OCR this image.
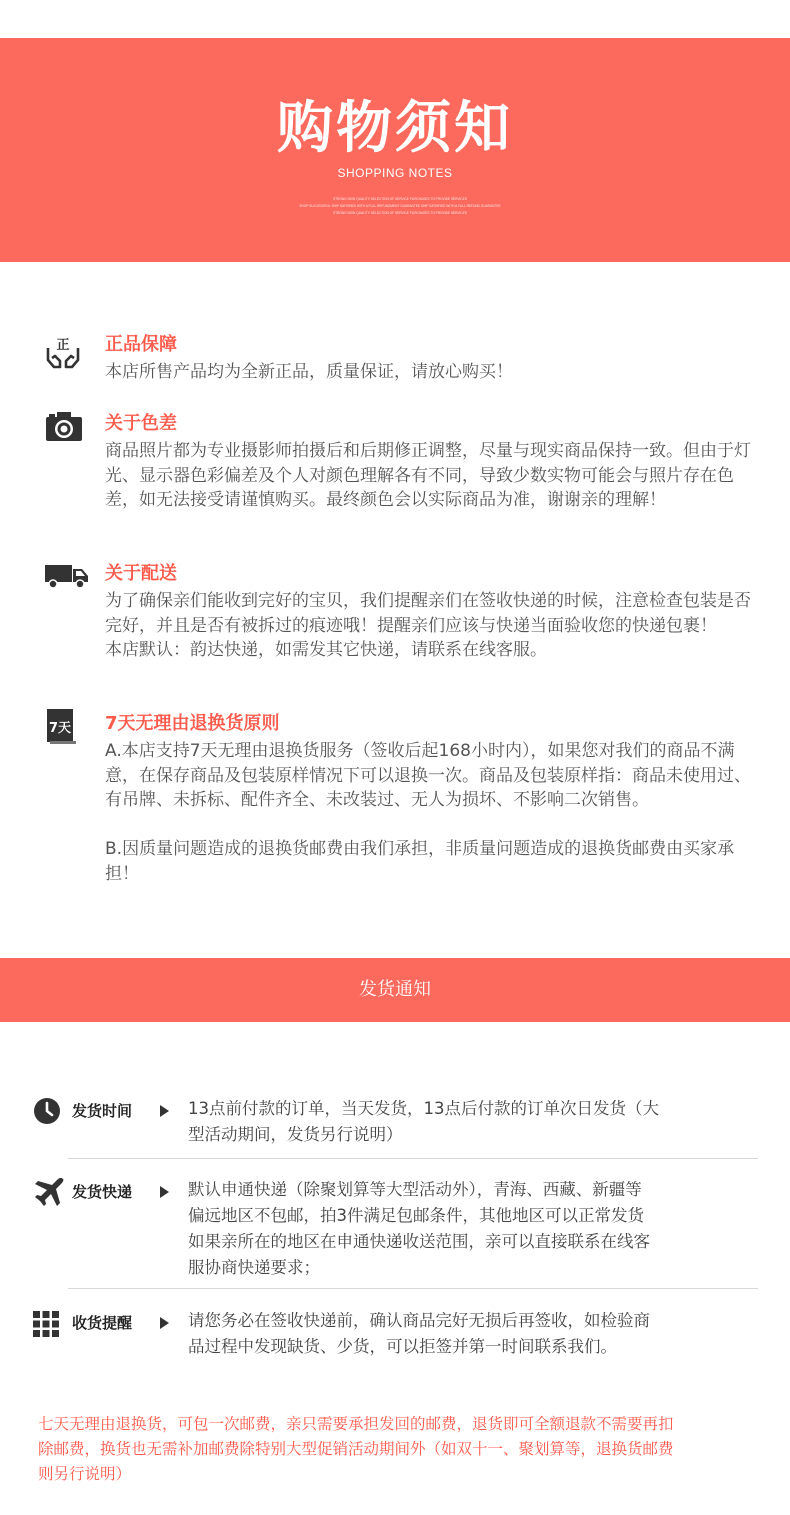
购物须知
SHOPPING NOTES
STRONG SIGN QUALITY SELECTION OF SERVICE PURCHASES TO PROVIDE SERVICES
SHOP SUCCESSFUL SHIP SATISFIED WITH A FULL REFUNDMENT GUARANTEE SHIP SATISFIED WITH A FULL REFUND GUARANTEE
STRONG SIGN QUALITY SELECTION OF SERVICE PURCHASES TO PROVIDE SERVICES
正 正品保障

本店所售产品均为全新正品，质量保证，请放心购买！

关于色差

商品照片都为专业摄影师拍摄后和后期修正调整，尽量与现实商品保持一致。但由于灯光、显示器色彩偏差及个人对颜色理解各有不同，导致少数实物可能会与照片存在色差，如无法接受请谨慎购买。最终颜色会以实际商品为准，谢谢亲的理解！

关于配送

为了确保亲们能收到完好的宝贝，我们提醒亲们在签收快递的时候，注意检查包装是否完好，并且是否有被拆过的痕迹哦！提醒亲们应该与快递当面验收您的快递包裹！

本店默认：韵达快递，如需发其它快递，请联系在线客服。

7天 7天无理由退换货原则

A.本店支持7天无理由退换货服务（签收后起168小时内），如果您对我们的商品不满意，在保存商品及包装原样情况下可以退换一次。商品及包装原样指：商品未使用过、有吊牌、未拆标、配件齐全、未改装过、无人为损坏、不影响二次销售。

B.因质量问题造成的退换货邮费由我们承担，非质量问题造成的退换货邮费由买家承担！

发货通知
发货时间	13点前付款的订单，当天发货，13点后付款的订单次日发货（大
型活动期间，发货另行说明）
发货快递	默认申通快递（除聚划算等大型活动外），青海、西藏、新疆等
偏远地区不包邮，拍3件满足包邮条件，其他地区可以正常发货
如果亲所在的地区在申通快递收送范围，亲可以直接联系在线客
服协商快递要求；
收货提醒	请您务必在签收快递前，确认商品完好无损后再签收，如检验商
品过程中发现缺货、少货，可以拒签并第一时间联系我们。
七天无理由退换货，可包一次邮费，亲只需要承担发回的邮费，退货即可全额退款不需要再扣
除邮费，换货也无需补加邮费除特别大型促销活动期间外（如双十一、聚划算等，退换货邮费
则另行说明）
